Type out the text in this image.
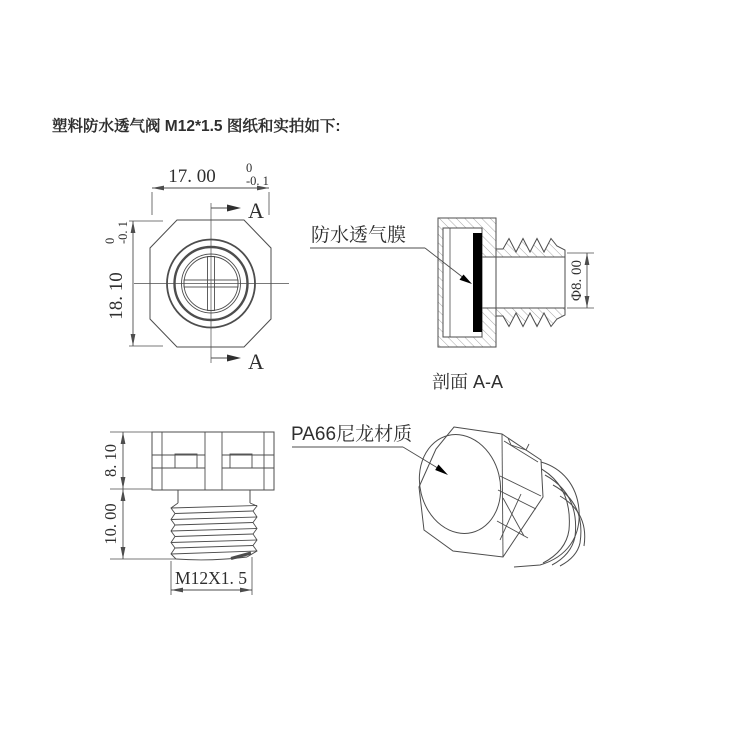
塑料防水透气阀 M12*1.5 图纸和实拍如下:
17. 00 0
-0. 1
18. 10
0 -0. 1
A
A
防水透气膜
Φ8. 00
剖面 A-A
8. 10
10. 00
M12X1. 5
PA66尼龙材质
